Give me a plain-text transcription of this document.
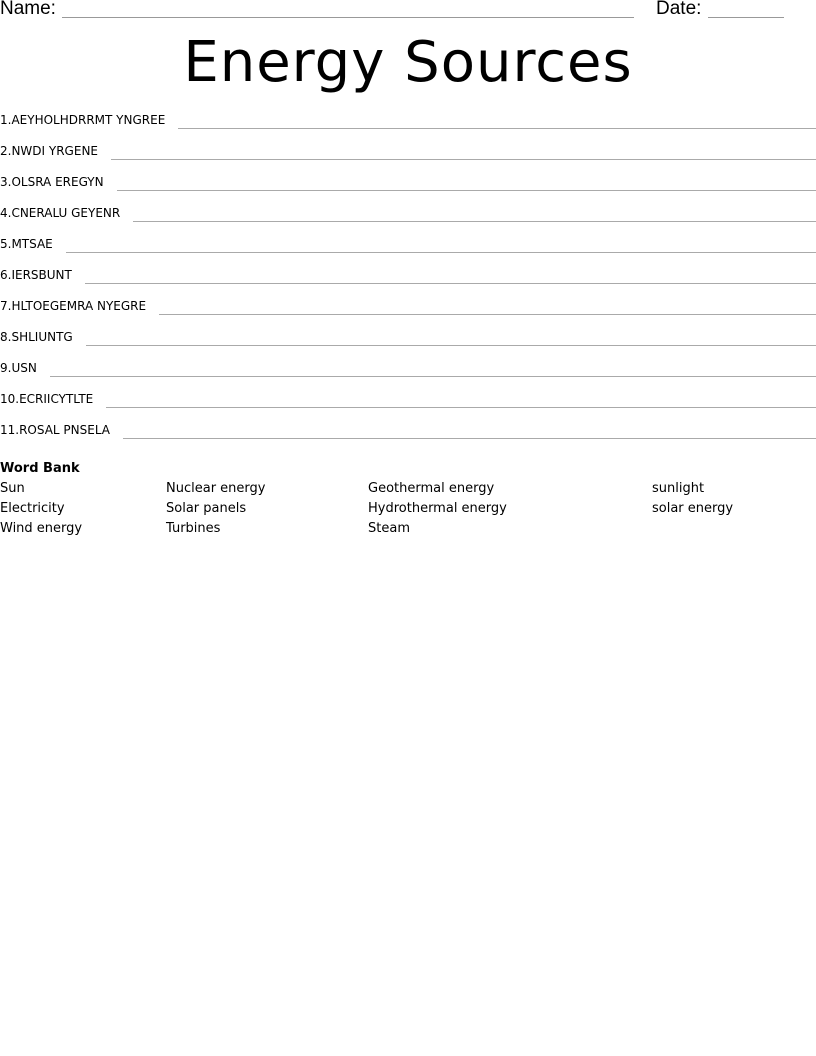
Name:	Date:
Energy Sources
1. AEYHOLHDRRMT YNGREE
2. NWDI YRGENE
3. OLSRA EREGYN
4. CNERALU GEYENR
5. MTSAE
6. IERSBUNT
7. HLTOEGEMRA NYEGRE
8. SHLIUNTG
9. USN
10. ECRIICYTLTE
11. ROSAL PNSELA
Word Bank
Sun
Electricity
Wind energy
Nuclear energy
Solar panels
Turbines
Geothermal energy
Hydrothermal energy
Steam
sunlight
solar energy
